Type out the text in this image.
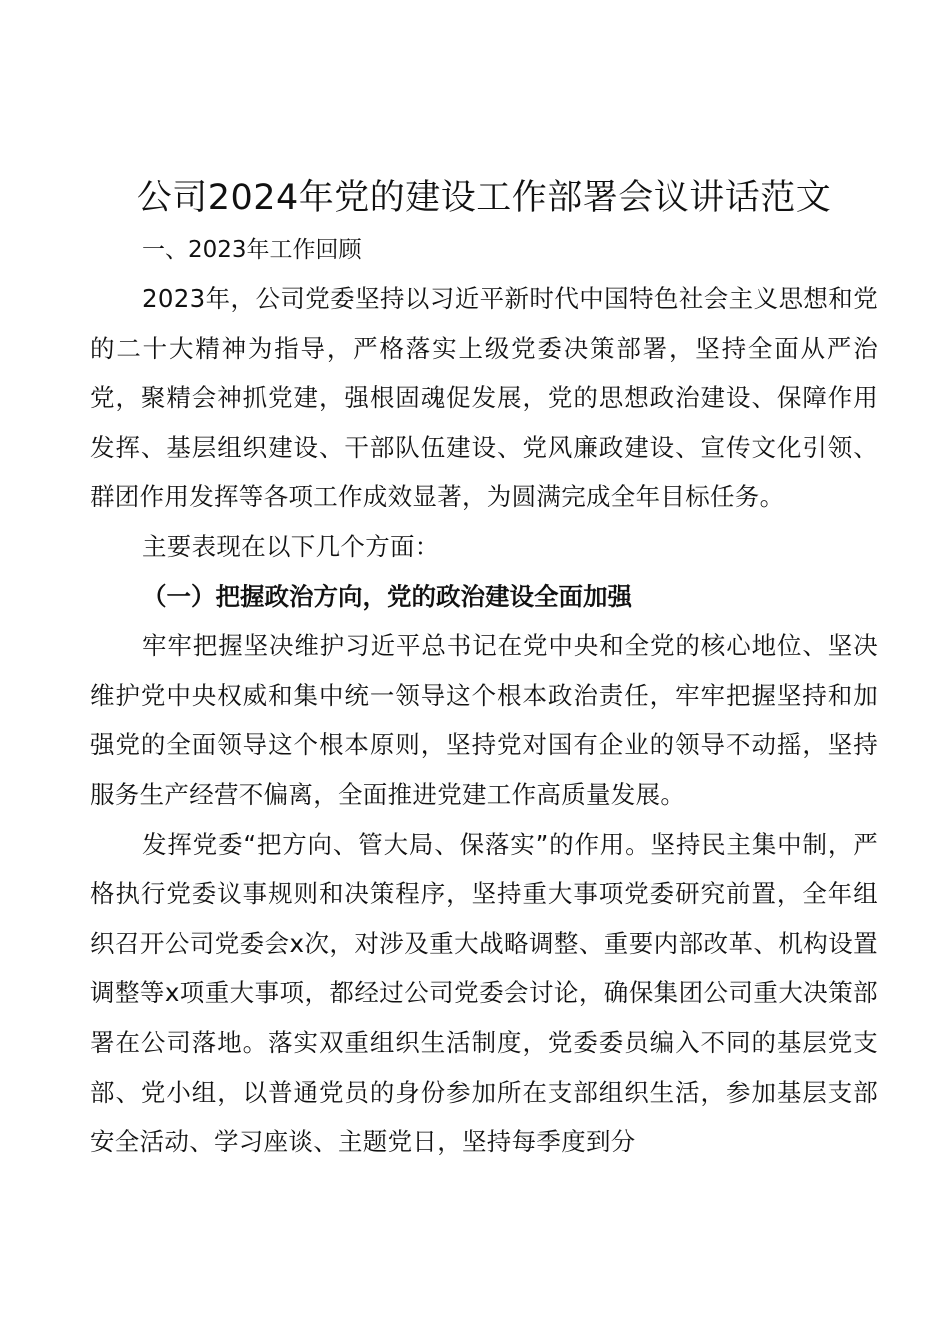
公司2024年党的建设工作部署会议讲话范文

一、2023年工作回顾

2023年，公司党委坚持以习近平新时代中国特色社会主义思想和党的二十大精神为指导，严格落实上级党委决策部署，坚持全面从严治党，聚精会神抓党建，强根固魂促发展，党的思想政治建设、保障作用发挥、基层组织建设、干部队伍建设、党风廉政建设、宣传文化引领、群团作用发挥等各项工作成效显著，为圆满完成全年目标任务。

主要表现在以下几个方面：

（一）把握政治方向，党的政治建设全面加强

牢牢把握坚决维护习近平总书记在党中央和全党的核心地位、坚决维护党中央权威和集中统一领导这个根本政治责任，牢牢把握坚持和加强党的全面领导这个根本原则，坚持党对国有企业的领导不动摇，坚持服务生产经营不偏离，全面推进党建工作高质量发展。

发挥党委“把方向、管大局、保落实”的作用。坚持民主集中制，严格执行党委议事规则和决策程序，坚持重大事项党委研究前置，全年组织召开公司党委会x次，对涉及重大战略调整、重要内部改革、机构设置调整等x项重大事项，都经过公司党委会讨论，确保集团公司重大决策部署在公司落地。落实双重组织生活制度，党委委员编入不同的基层党支部、党小组，以普通党员的身份参加所在支部组织生活，参加基层支部安全活动、学习座谈、主题党日，坚持每季度到分
